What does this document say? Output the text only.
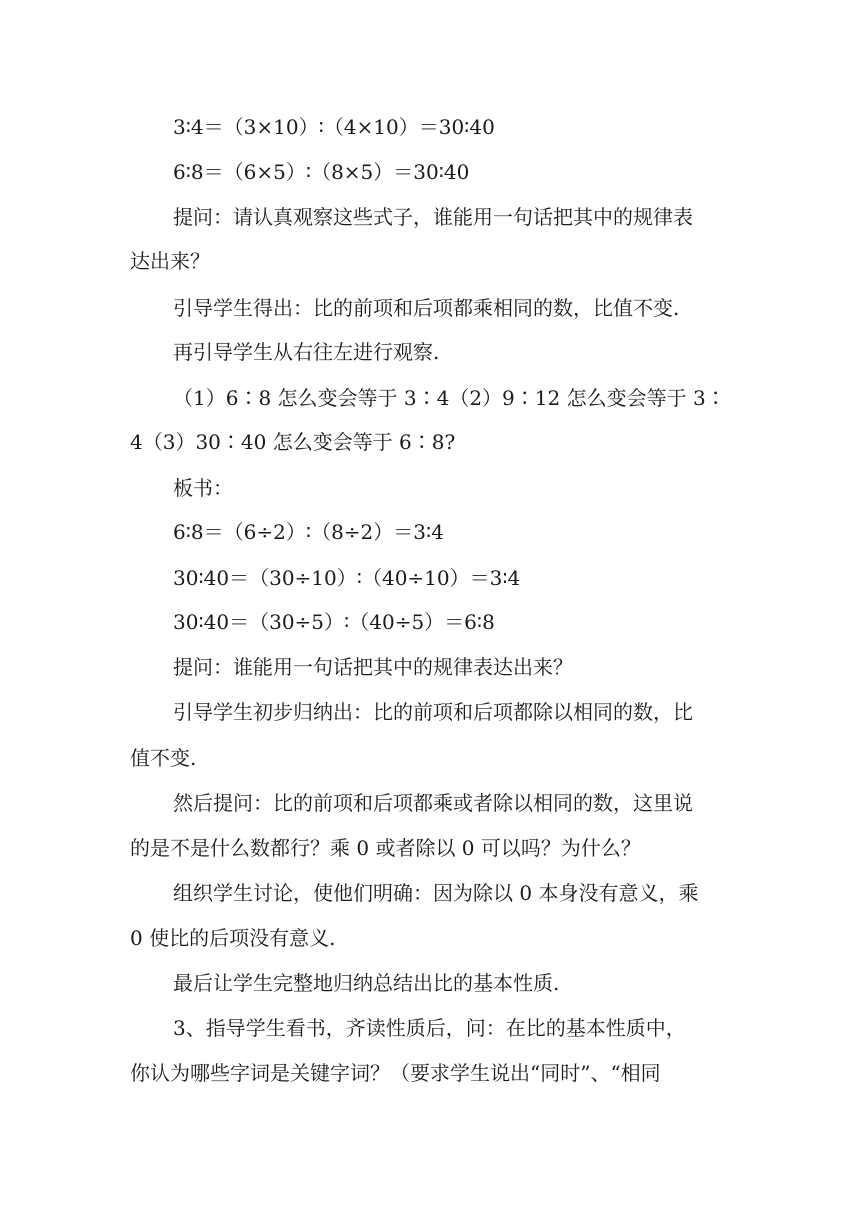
3∶4＝（3×10）∶（4×10）＝30∶40
6∶8＝（6×5）∶（8×5）＝30∶40
提问：请认真观察这些式子，谁能用一句话把其中的规律表
达出来？
引导学生得出：比的前项和后项都乘相同的数，比值不变.
再引导学生从右往左进行观察.
（1）6∶8 怎么变会等于 3∶4（2）9∶12 怎么变会等于 3∶
4（3）30∶40 怎么变会等于 6∶8?
板书：
6∶8＝（6÷2）∶（8÷2）＝3∶4
30∶40＝（30÷10）∶（40÷10）＝3∶4
30∶40＝（30÷5）∶（40÷5）＝6∶8
提问：谁能用一句话把其中的规律表达出来？
引导学生初步归纳出：比的前项和后项都除以相同的数，比
值不变.
然后提问：比的前项和后项都乘或者除以相同的数，这里说
的是不是什么数都行？乘 0 或者除以 0 可以吗？为什么？
组织学生讨论，使他们明确：因为除以 0 本身没有意义，乘
0 使比的后项没有意义.
最后让学生完整地归纳总结出比的基本性质.
3、指导学生看书，齐读性质后，问：在比的基本性质中，
你认为哪些字词是关键字词？（要求学生说出“同时”、“相同
